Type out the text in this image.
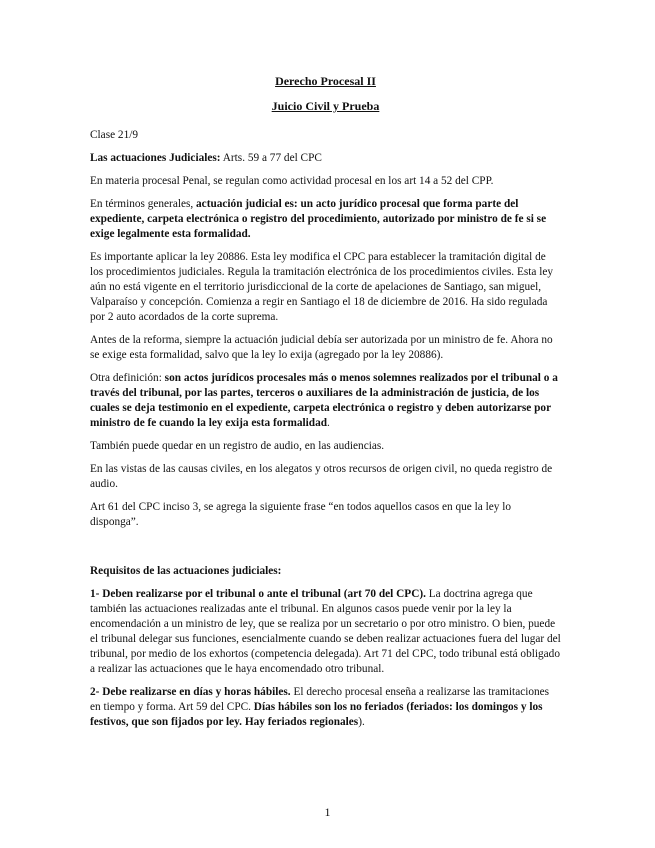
Derecho Procesal II
Juicio Civil y Prueba

Clase 21/9

Las actuaciones Judiciales: Arts. 59 a 77 del CPC

En materia procesal Penal, se regulan como actividad procesal en los art 14 a 52 del CPP.

En términos generales, actuación judicial es: un acto jurídico procesal que forma parte del expediente, carpeta electrónica o registro del procedimiento, autorizado por ministro de fe si se exige legalmente esta formalidad.

Es importante aplicar la ley 20886. Esta ley modifica el CPC para establecer la tramitación digital de los procedimientos judiciales. Regula la tramitación electrónica de los procedimientos civiles. Esta ley aún no está vigente en el territorio jurisdiccional de la corte de apelaciones de Santiago, san miguel, Valparaíso y concepción. Comienza a regir en Santiago el 18 de diciembre de 2016. Ha sido regulada por 2 auto acordados de la corte suprema.

Antes de la reforma, siempre la actuación judicial debía ser autorizada por un ministro de fe. Ahora no se exige esta formalidad, salvo que la ley lo exija (agregado por la ley 20886).

Otra definición: son actos jurídicos procesales más o menos solemnes realizados por el tribunal o a través del tribunal, por las partes, terceros o auxiliares de la administración de justicia, de los cuales se deja testimonio en el expediente, carpeta electrónica o registro y deben autorizarse por ministro de fe cuando la ley exija esta formalidad.

También puede quedar en un registro de audio, en las audiencias.

En las vistas de las causas civiles, en los alegatos y otros recursos de origen civil, no queda registro de audio.

Art 61 del CPC inciso 3, se agrega la siguiente frase “en todos aquellos casos en que la ley lo disponga”.

Requisitos de las actuaciones judiciales:

1- Deben realizarse por el tribunal o ante el tribunal (art 70 del CPC). La doctrina agrega que también las actuaciones realizadas ante el tribunal. En algunos casos puede venir por la ley la encomendación a un ministro de ley, que se realiza por un secretario o por otro ministro. O bien, puede el tribunal delegar sus funciones, esencialmente cuando se deben realizar actuaciones fuera del lugar del tribunal, por medio de los exhortos (competencia delegada). Art 71 del CPC, todo tribunal está obligado a realizar las actuaciones que le haya encomendado otro tribunal.

2- Debe realizarse en días y horas hábiles. El derecho procesal enseña a realizarse las tramitaciones en tiempo y forma. Art 59 del CPC. Días hábiles son los no feriados (feriados: los domingos y los festivos, que son fijados por ley. Hay feriados regionales).

1
